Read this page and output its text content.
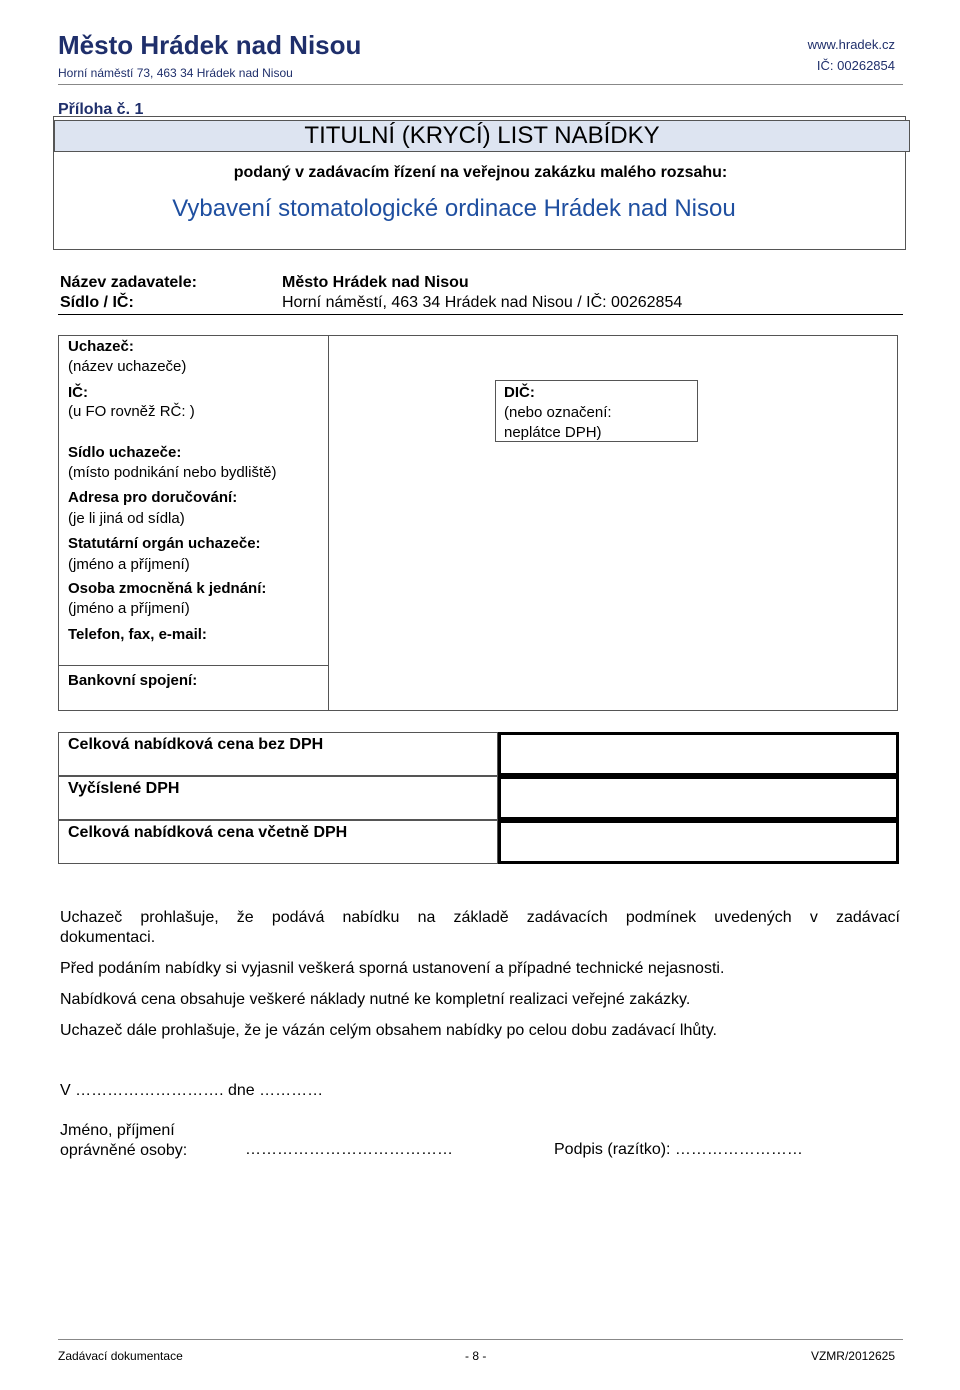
Město Hrádek nad Nisou
Horní náměstí 73, 463 34 Hrádek nad Nisou
www.hradek.cz
IČ: 00262854
Příloha č. 1
TITULNÍ (KRYCÍ) LIST NABÍDKY
podaný v zadávacím řízení na veřejnou zakázku malého rozsahu:
Vybavení stomatologické ordinace Hrádek nad Nisou
Název zadavatele:	Město Hrádek nad Nisou
Sídlo / IČ:	Horní náměstí, 463 34 Hrádek nad Nisou / IČ: 00262854
Uchazeč:
(název uchazeče)
IČ:
(u FO rovněž RČ: )
DIČ:
(nebo označení:
neplátce DPH)
Sídlo uchazeče:
(místo podnikání nebo bydliště)
Adresa pro doručování:
(je li jiná od sídla)
Statutární orgán uchazeče:
(jméno a příjmení)
Osoba zmocněná k jednání:
(jméno a příjmení)
Telefon, fax, e-mail:
Bankovní spojení:
Celková nabídková cena bez DPH
Vyčíslené DPH
Celková nabídková cena včetně DPH
Uchazeč prohlašuje, že podává nabídku na základě zadávacích podmínek uvedených v zadávací
dokumentaci.
Před podáním nabídky si vyjasnil veškerá sporná ustanovení a případné technické nejasnosti.
Nabídková cena obsahuje veškeré náklady nutné ke kompletní realizaci veřejné zakázky.
Uchazeč dále prohlašuje, že je vázán celým obsahem nabídky po celou dobu zadávací lhůty.
V ………………………. dne …………
Jméno, příjmení
oprávněné osoby:	…………………………………	Podpis (razítko): ……………………
Zadávací dokumentace	- 8 -	VZMR/2012625
